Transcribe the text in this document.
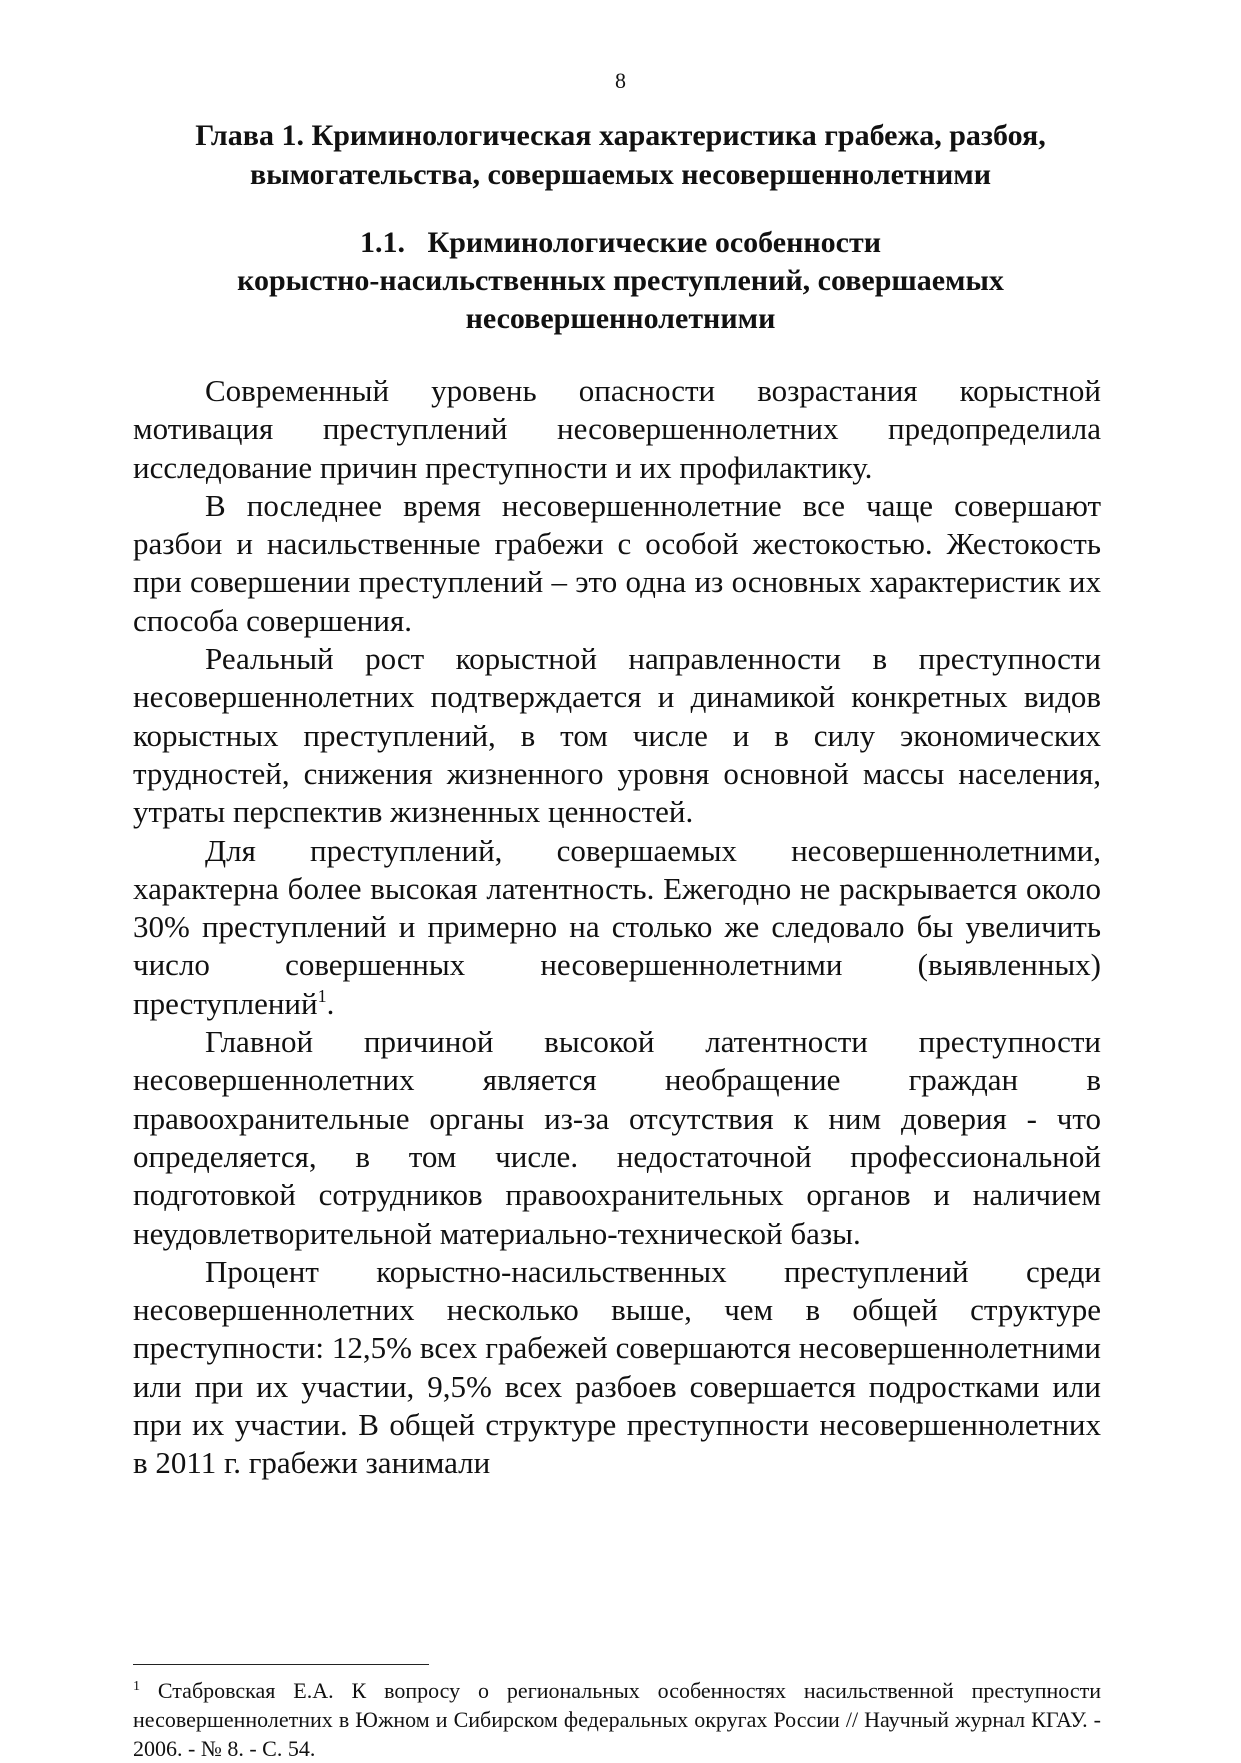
8
Глава 1. Криминологическая характеристика грабежа, разбоя,
вымогательства, совершаемых несовершеннолетними
1.1.   Криминологические особенности
корыстно-насильственных преступлений, совершаемых
несовершеннолетними

Современный уровень опасности возрастания корыстной мотивация преступлений несовершеннолетних предопределила исследование причин преступности и их профилактику.

В последнее время несовершеннолетние все чаще совершают разбои и насильственные грабежи с особой жестокостью. Жестокость при совершении преступлений – это одна из основных характеристик их способа совершения.

Реальный рост корыстной направленности в преступности несовершеннолетних подтверждается и динамикой конкретных видов корыстных преступлений, в том числе и в силу экономических трудностей, снижения жизненного уровня основной массы населения, утраты перспектив жизненных ценностей.

Для преступлений, совершаемых несовершеннолетними, характерна более высокая латентность. Ежегодно не раскрывается около 30% преступлений и примерно на столько же следовало бы увеличить число совершенных несовершеннолетними (выявленных) преступлений$^1$.

Главной причиной высокой латентности преступности несовершеннолетних является необращение граждан в правоохранительные органы из-за отсутствия к ним доверия - что определяется, в том числе. недостаточной профессиональной подготовкой сотрудников правоохранительных органов и наличием неудовлетворительной материально-технической базы.

Процент корыстно-насильственных преступлений среди несовершеннолетних несколько выше, чем в общей структуре преступности: 12,5% всех грабежей совершаются несовершеннолетними или при их участии, 9,5% всех разбоев совершается подростками или при их участии. В общей структуре преступности несовершеннолетних в 2011 г. грабежи занимали

$^1$ Стабровская Е.А. К вопросу о региональных особенностях насильственной преступности несовершеннолетних в Южном и Сибирском федеральных округах России // Научный журнал КГАУ. - 2006. - № 8. - С. 54.
